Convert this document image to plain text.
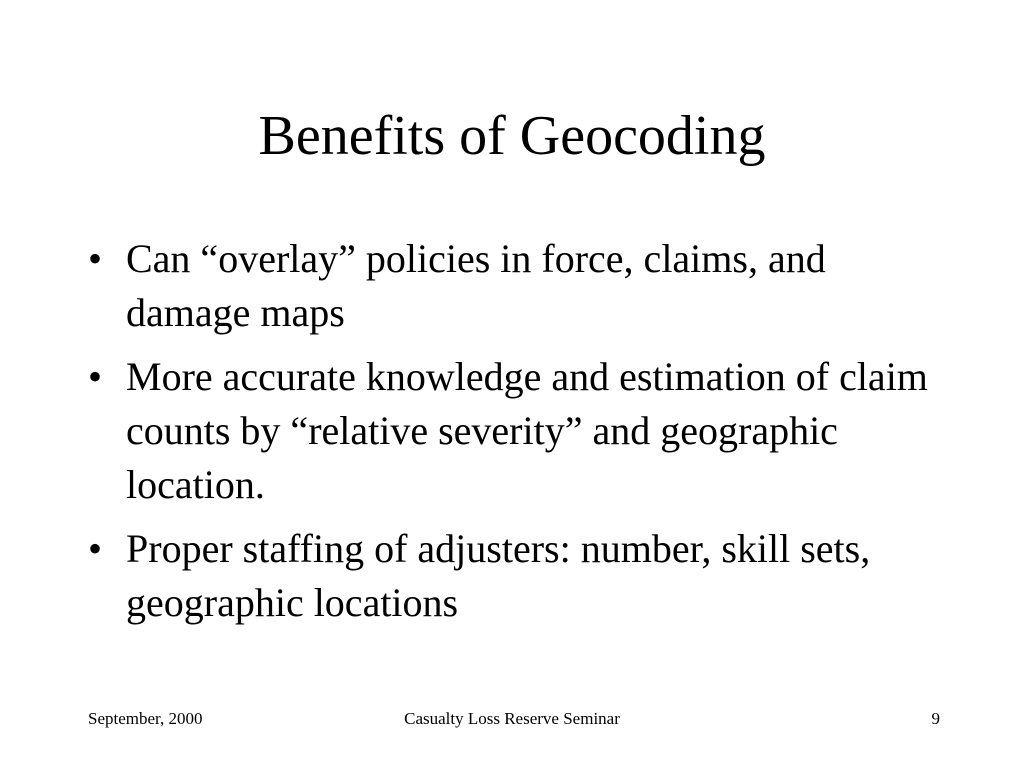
Benefits of Geocoding
• Can “overlay” policies in force, claims, and damage maps
• More accurate knowledge and estimation of claim counts by “relative severity” and geographic location.
• Proper staffing of adjusters: number, skill sets, geographic locations
September, 2000	Casualty Loss Reserve Seminar	9
